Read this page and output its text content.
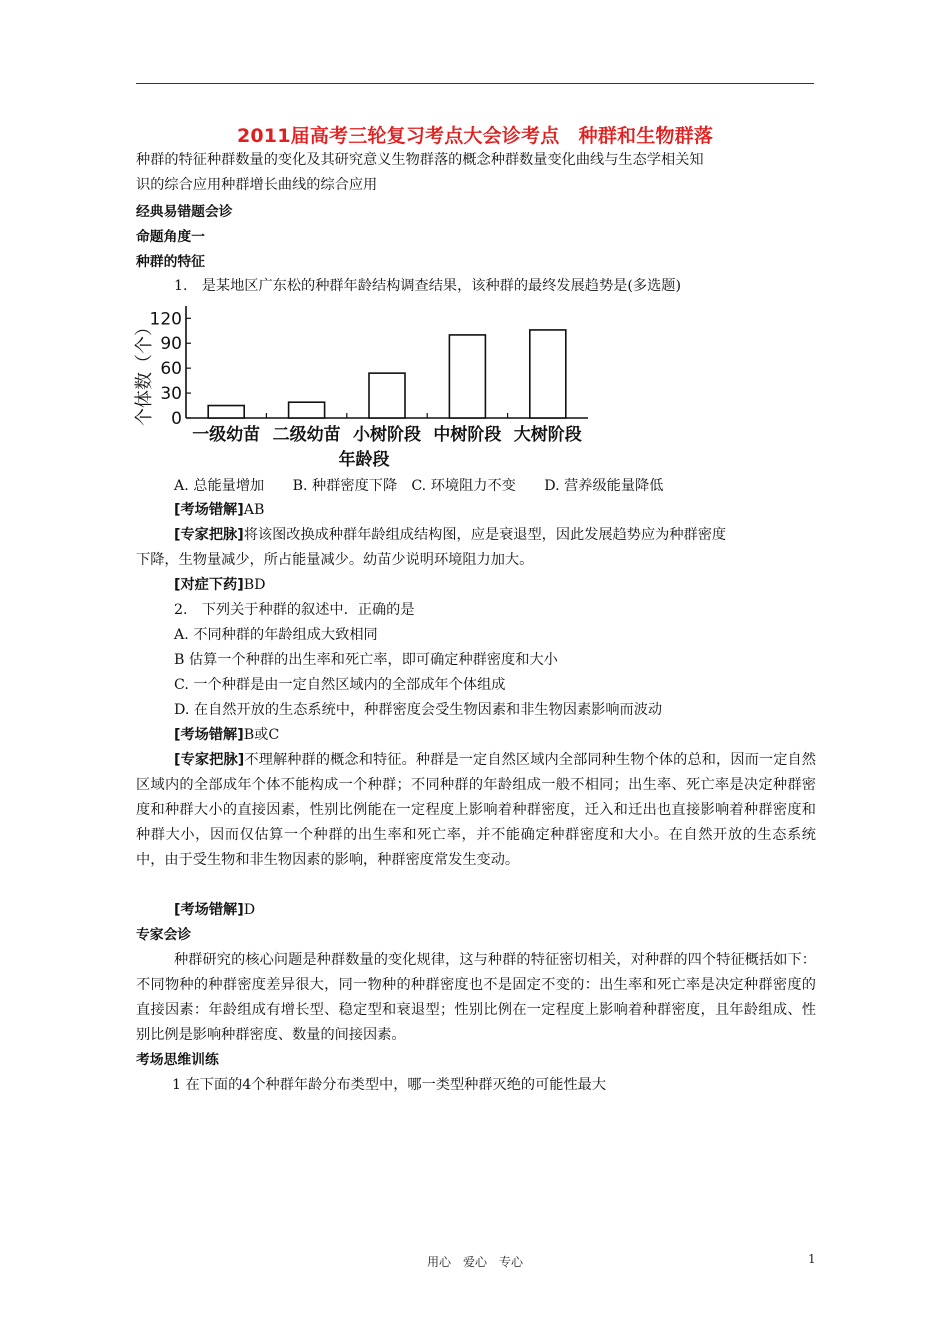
2011届高考三轮复习考点大会诊考点　种群和生物群落
种群的特征种群数量的变化及其研究意义生物群落的概念种群数量变化曲线与生态学相关知
识的综合应用种群增长曲线的综合应用
经典易错题会诊
命题角度一
种群的特征
1.　是某地区广东松的种群年龄结构调查结果，该种群的最终发展趋势是(多选题)
个体数（个） 0
30
60
90
120
一级幼苗 二级幼苗 小树阶段 中树阶段 大树阶段
年龄段
A. 总能量增加　　B. 种群密度下降　C. 环境阻力不变　　D. 营养级能量降低
[考场错解]AB
[专家把脉]将该图改换成种群年龄组成结构图，应是衰退型，因此发展趋势应为种群密度
下降，生物量减少，所占能量减少。幼苗少说明环境阻力加大。
[对症下药]BD
2.　下列关于种群的叙述中．正确的是
A. 不同种群的年龄组成大致相同
B 估算一个种群的出生率和死亡率，即可确定种群密度和大小
C. 一个种群是由一定自然区域内的全部成年个体组成
D. 在自然开放的生态系统中，种群密度会受生物因素和非生物因素影响而波动
[考场错解]B或C
[专家把脉]不理解种群的概念和特征。种群是一定自然区域内全部同种生物个体的总和，因而一定自然区域内的全部成年个体不能构成一个种群；不同种群的年龄组成一般不相同；出生率、死亡率是决定种群密度和种群大小的直接因素，性别比例能在一定程度上影响着种群密度，迁入和迁出也直接影响着种群密度和种群大小，因而仅估算一个种群的出生率和死亡率，并不能确定种群密度和大小。在自然开放的生态系统中，由于受生物和非生物因素的影响，种群密度常发生变动。
[考场错解]D
专家会诊
种群研究的核心问题是种群数量的变化规律，这与种群的特征密切相关，对种群的四个特征概括如下：不同物种的种群密度差异很大，同一物种的种群密度也不是固定不变的：出生率和死亡率是决定种群密度的直接因素：年龄组成有增长型、稳定型和衰退型；性别比例在一定程度上影响着种群密度，且年龄组成、性别比例是影响种群密度、数量的间接因素。
考场思维训练
1 在下面的4个种群年龄分布类型中，哪一类型种群灭绝的可能性最大
用心　爱心　专心	1
